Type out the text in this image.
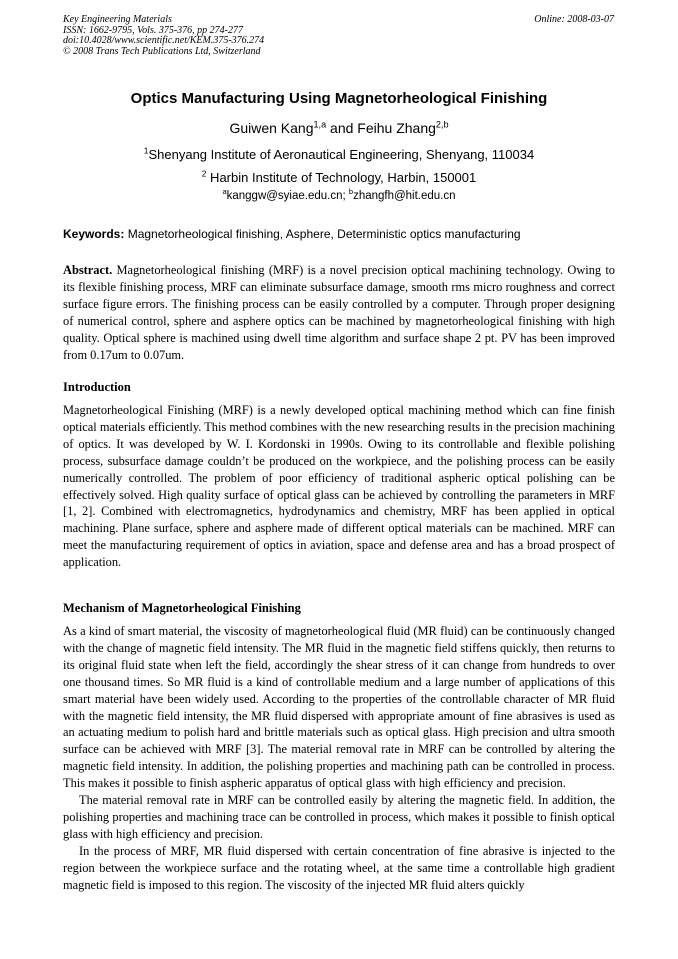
Key Engineering Materials
ISSN: 1662-9795, Vols. 375-376, pp 274-277
doi:10.4028/www.scientific.net/KEM.375-376.274
© 2008 Trans Tech Publications Ltd, Switzerland
Online: 2008-03-07
Optics Manufacturing Using Magnetorheological Finishing
Guiwen Kang$^{1,a}$ and Feihu Zhang$^{2,b}$
$^1$Shenyang Institute of Aeronautical Engineering, Shenyang, 110034
$^2$ Harbin Institute of Technology, Harbin, 150001
$^a$kanggw@syiae.edu.cn; $^b$zhangfh@hit.edu.cn
Keywords: Magnetorheological finishing, Asphere, Deterministic optics manufacturing
Abstract. Magnetorheological finishing (MRF) is a novel precision optical machining technology. Owing to its flexible finishing process, MRF can eliminate subsurface damage, smooth rms micro roughness and correct surface figure errors. The finishing process can be easily controlled by a computer. Through proper designing of numerical control, sphere and asphere optics can be machined by magnetorheological finishing with high quality. Optical sphere is machined using dwell time algorithm and surface shape 2 pt. PV has been improved from 0.17um to 0.07um.
Introduction
Magnetorheological Finishing (MRF) is a newly developed optical machining method which can fine finish optical materials efficiently. This method combines with the new researching results in the precision machining of optics. It was developed by W. I. Kordonski in 1990s. Owing to its controllable and flexible polishing process, subsurface damage couldn’t be produced on the workpiece, and the polishing process can be easily numerically controlled. The problem of poor efficiency of traditional aspheric optical polishing can be effectively solved. High quality surface of optical glass can be achieved by controlling the parameters in MRF [1, 2]. Combined with electromagnetics, hydrodynamics and chemistry, MRF has been applied in optical machining. Plane surface, sphere and asphere made of different optical materials can be machined. MRF can meet the manufacturing requirement of optics in aviation, space and defense area and has a broad prospect of application.
Mechanism of Magnetorheological Finishing

As a kind of smart material, the viscosity of magnetorheological fluid (MR fluid) can be continuously changed with the change of magnetic field intensity. The MR fluid in the magnetic field stiffens quickly, then returns to its original fluid state when left the field, accordingly the shear stress of it can change from hundreds to over one thousand times. So MR fluid is a kind of controllable medium and a large number of applications of this smart material have been widely used. According to the properties of the controllable character of MR fluid with the magnetic field intensity, the MR fluid dispersed with appropriate amount of fine abrasives is used as an actuating medium to polish hard and brittle materials such as optical glass. High precision and ultra smooth surface can be achieved with MRF [3]. The material removal rate in MRF can be controlled by altering the magnetic field intensity. In addition, the polishing properties and machining path can be controlled in process. This makes it possible to finish aspheric apparatus of optical glass with high efficiency and precision.

The material removal rate in MRF can be controlled easily by altering the magnetic field. In addition, the polishing properties and machining trace can be controlled in process, which makes it possible to finish optical glass with high efficiency and precision.

In the process of MRF, MR fluid dispersed with certain concentration of fine abrasive is injected to the region between the workpiece surface and the rotating wheel, at the same time a controllable high gradient magnetic field is imposed to this region. The viscosity of the injected MR fluid alters quickly
